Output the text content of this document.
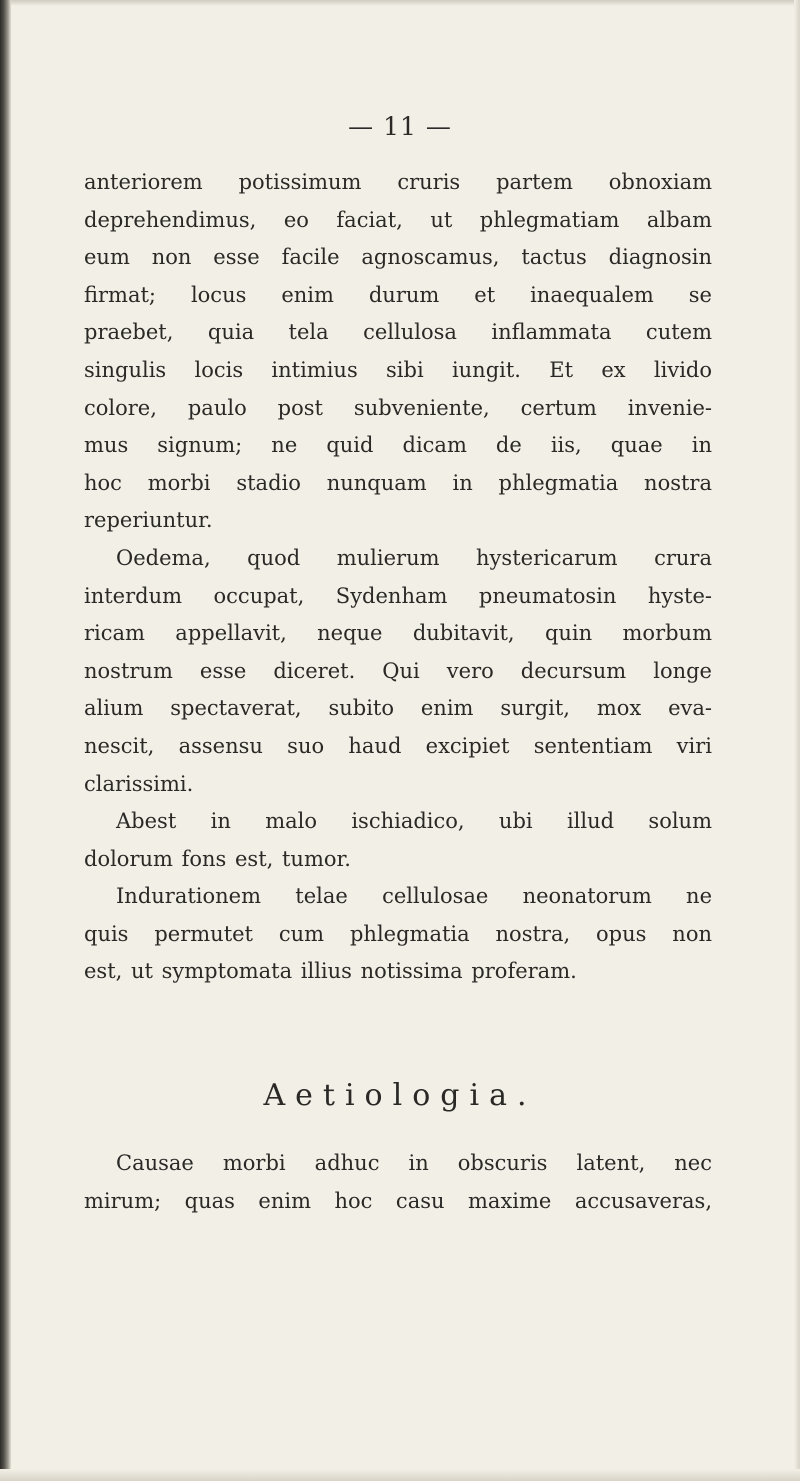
— 11 —
anteriorem potissimum cruris partem obnoxiam
deprehendimus, eo faciat, ut phlegmatiam albam
eum non esse facile agnoscamus, tactus diagnosin
firmat; locus enim durum et inaequalem se
praebet, quia tela cellulosa inflammata cutem
singulis locis intimius sibi iungit. Et ex livido
colore, paulo post subveniente, certum invenie-
mus signum; ne quid dicam de iis, quae in
hoc morbi stadio nunquam in phlegmatia nostra
reperiuntur.
Oedema, quod mulierum hystericarum crura
interdum occupat, Sydenham pneumatosin hyste-
ricam appellavit, neque dubitavit, quin morbum
nostrum esse diceret. Qui vero decursum longe
alium spectaverat, subito enim surgit, mox eva-
nescit, assensu suo haud excipiet sententiam viri
clarissimi.
Abest in malo ischiadico, ubi illud solum
dolorum fons est, tumor.
Indurationem telae cellulosae neonatorum ne
quis permutet cum phlegmatia nostra, opus non
est, ut symptomata illius notissima proferam.
Aetiologia.
Causae morbi adhuc in obscuris latent, nec
mirum; quas enim hoc casu maxime accusaveras,
